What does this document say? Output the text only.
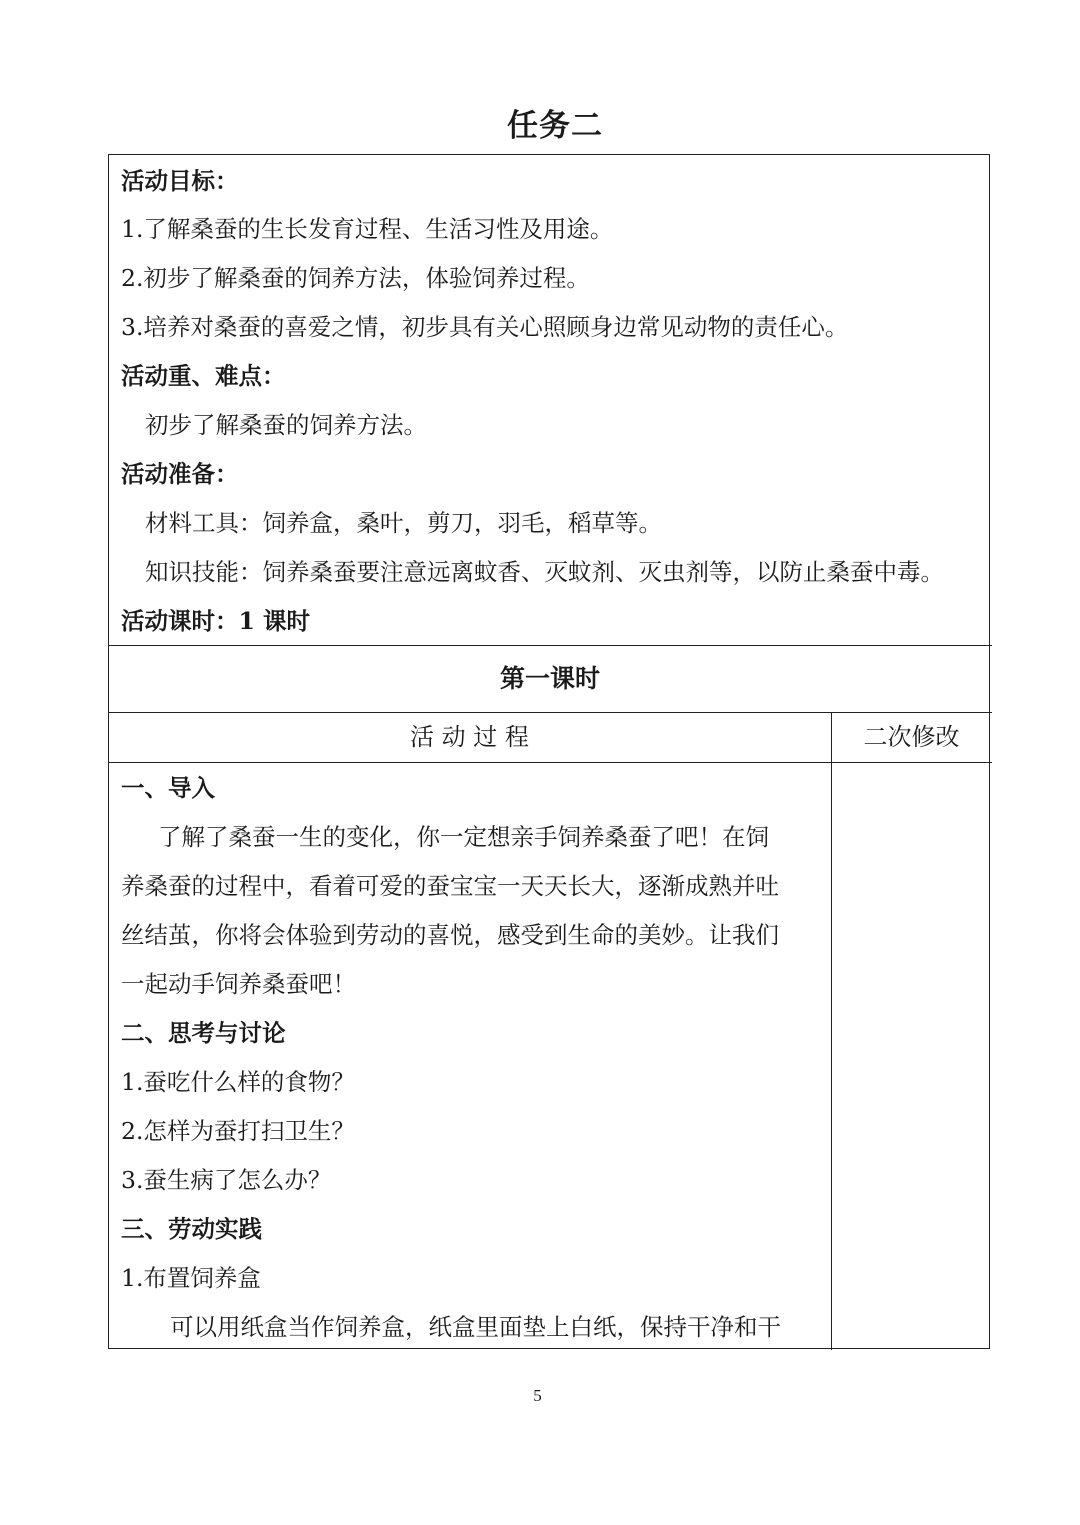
任务二
活动目标：
1.了解桑蚕的生长发育过程、生活习性及用途。
2.初步了解桑蚕的饲养方法，体验饲养过程。
3.培养对桑蚕的喜爱之情，初步具有关心照顾身边常见动物的责任心。
活动重、难点：
初步了解桑蚕的饲养方法。
活动准备：
材料工具：饲养盒，桑叶，剪刀，羽毛，稻草等。
知识技能：饲养桑蚕要注意远离蚊香、灭蚊剂、灭虫剂等，以防止桑蚕中毒。
活动课时：1 课时
第一课时
活 动 过 程	二次修改
一、导入
了解了桑蚕一生的变化，你一定想亲手饲养桑蚕了吧！在饲
养桑蚕的过程中，看着可爱的蚕宝宝一天天长大，逐渐成熟并吐
丝结茧，你将会体验到劳动的喜悦，感受到生命的美妙。让我们
一起动手饲养桑蚕吧！
二、思考与讨论
1.蚕吃什么样的食物？
2.怎样为蚕打扫卫生？
3.蚕生病了怎么办？
三、劳动实践
1.布置饲养盒
可以用纸盒当作饲养盒，纸盒里面垫上白纸，保持干净和干
5
